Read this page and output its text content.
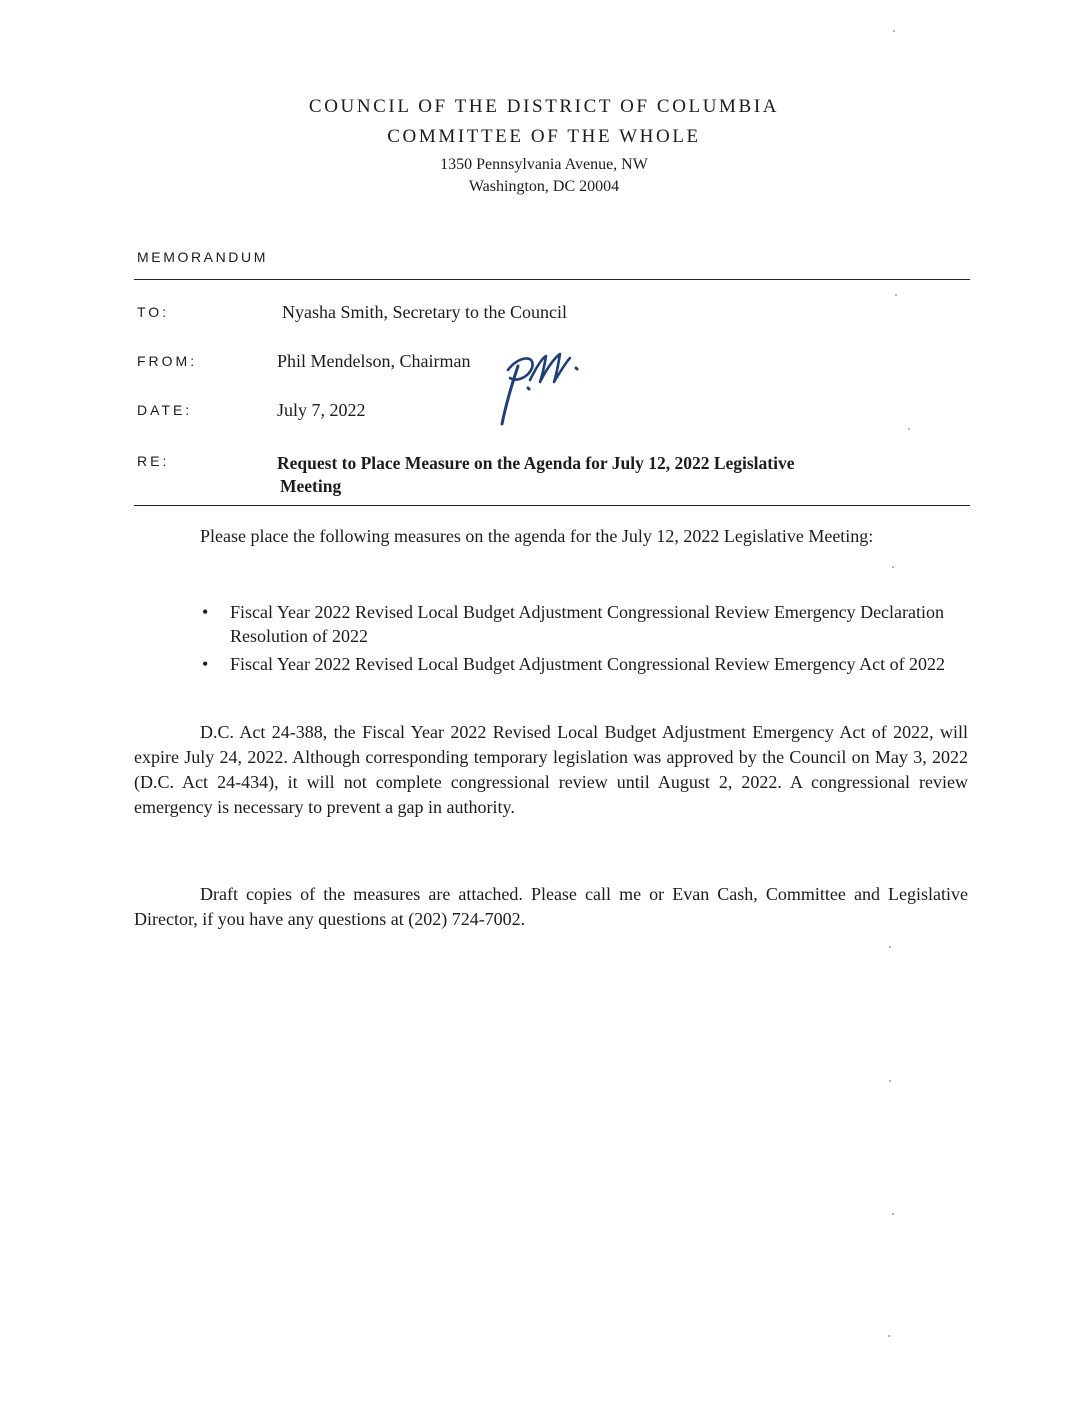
COUNCIL OF THE DISTRICT OF COLUMBIA
COMMITTEE OF THE WHOLE
1350 Pennsylvania Avenue, NW
Washington, DC 20004
MEMORANDUM
TO:	Nyasha Smith, Secretary to the Council
FROM:	Phil Mendelson, Chairman
DATE:	July 7, 2022
RE:	Request to Place Measure on the Agenda for July 12, 2022 Legislative
Meeting
Please place the following measures on the agenda for the July 12, 2022 Legislative Meeting:
• Fiscal Year 2022 Revised Local Budget Adjustment Congressional Review Emergency Declaration Resolution of 2022
• Fiscal Year 2022 Revised Local Budget Adjustment Congressional Review Emergency Act of 2022
D.C. Act 24-388, the Fiscal Year 2022 Revised Local Budget Adjustment Emergency Act of 2022, will expire July 24, 2022. Although corresponding temporary legislation was approved by the Council on May 3, 2022 (D.C. Act 24-434), it will not complete congressional review until August 2, 2022. A congressional review emergency is necessary to prevent a gap in authority.
Draft copies of the measures are attached. Please call me or Evan Cash, Committee and Legislative Director, if you have any questions at (202) 724-7002.
